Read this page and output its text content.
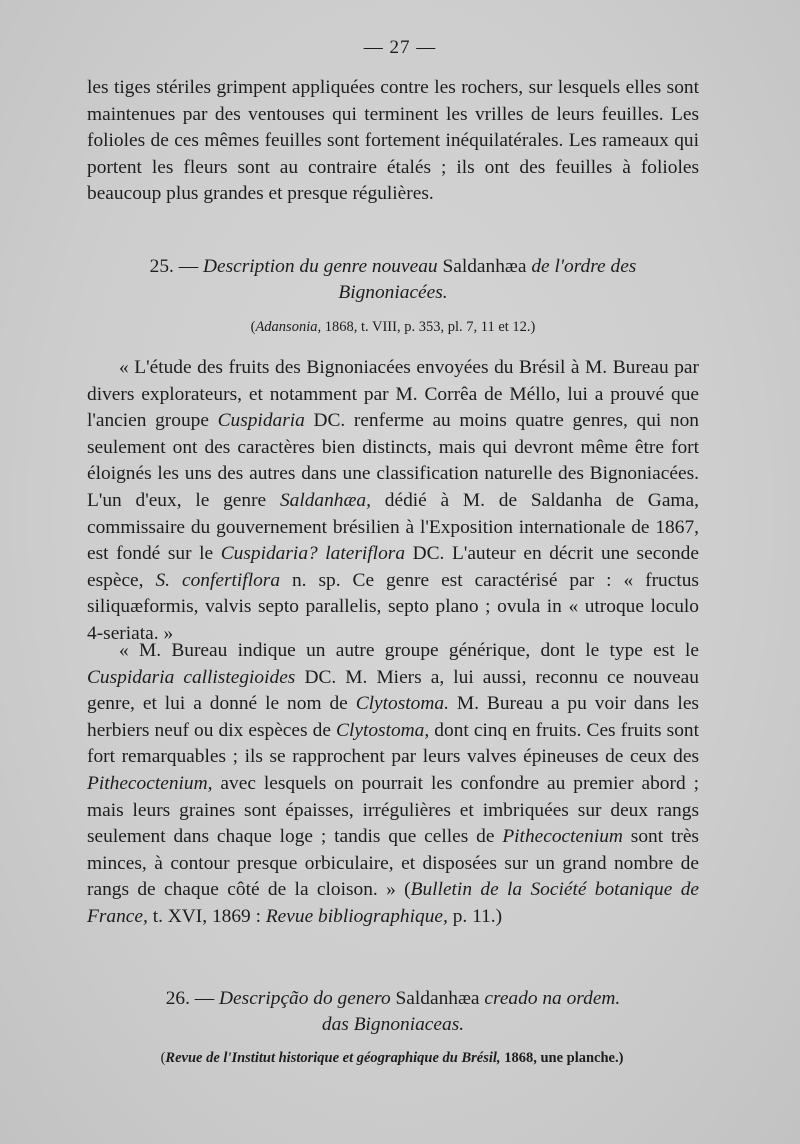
— 27 —

les tiges stériles grimpent appliquées contre les rochers, sur lesquels elles sont maintenues par des ventouses qui terminent les vrilles de leurs feuilles. Les folioles de ces mêmes feuilles sont fortement inéquilatérales. Les rameaux qui portent les fleurs sont au contraire étalés ; ils ont des feuilles à folioles beaucoup plus grandes et presque régulières.

25. — Description du genre nouveau Saldanhæa de l'ordre des
Bignoniacées.

(Adansonia, 1868, t. VIII, p. 353, pl. 7, 11 et 12.)

« L'étude des fruits des Bignoniacées envoyées du Brésil à M. Bureau par divers explorateurs, et notamment par M. Corrêa de Méllo, lui a prouvé que l'ancien groupe Cuspidaria DC. renferme au moins quatre genres, qui non seulement ont des caractères bien distincts, mais qui devront même être fort éloignés les uns des autres dans une classification naturelle des Bignoniacées. L'un d'eux, le genre Saldanhæa, dédié à M. de Saldanha de Gama, commissaire du gouvernement brésilien à l'Exposition internationale de 1867, est fondé sur le Cuspidaria? lateriflora DC. L'auteur en décrit une seconde espèce, S. confertiflora n. sp. Ce genre est caractérisé par : « fructus siliquæformis, valvis septo parallelis, septo plano ; ovula in « utroque loculo 4-seriata. »

« M. Bureau indique un autre groupe générique, dont le type est le Cuspidaria callistegioides DC. M. Miers a, lui aussi, reconnu ce nouveau genre, et lui a donné le nom de Clytostoma. M. Bureau a pu voir dans les herbiers neuf ou dix espèces de Clytostoma, dont cinq en fruits. Ces fruits sont fort remarquables ; ils se rapprochent par leurs valves épineuses de ceux des Pithecoctenium, avec lesquels on pourrait les confondre au premier abord ; mais leurs graines sont épaisses, irrégulières et imbriquées sur deux rangs seulement dans chaque loge ; tandis que celles de Pithecoctenium sont très minces, à contour presque orbiculaire, et disposées sur un grand nombre de rangs de chaque côté de la cloison. » (Bulletin de la Société botanique de France, t. XVI, 1869 : Revue bibliographique, p. 11.)

26. — Descripção do genero Saldanhæa creado na ordem.
das Bignoniaceas.

(Revue de l'Institut historique et géographique du Brésil, 1868, une planche.)
